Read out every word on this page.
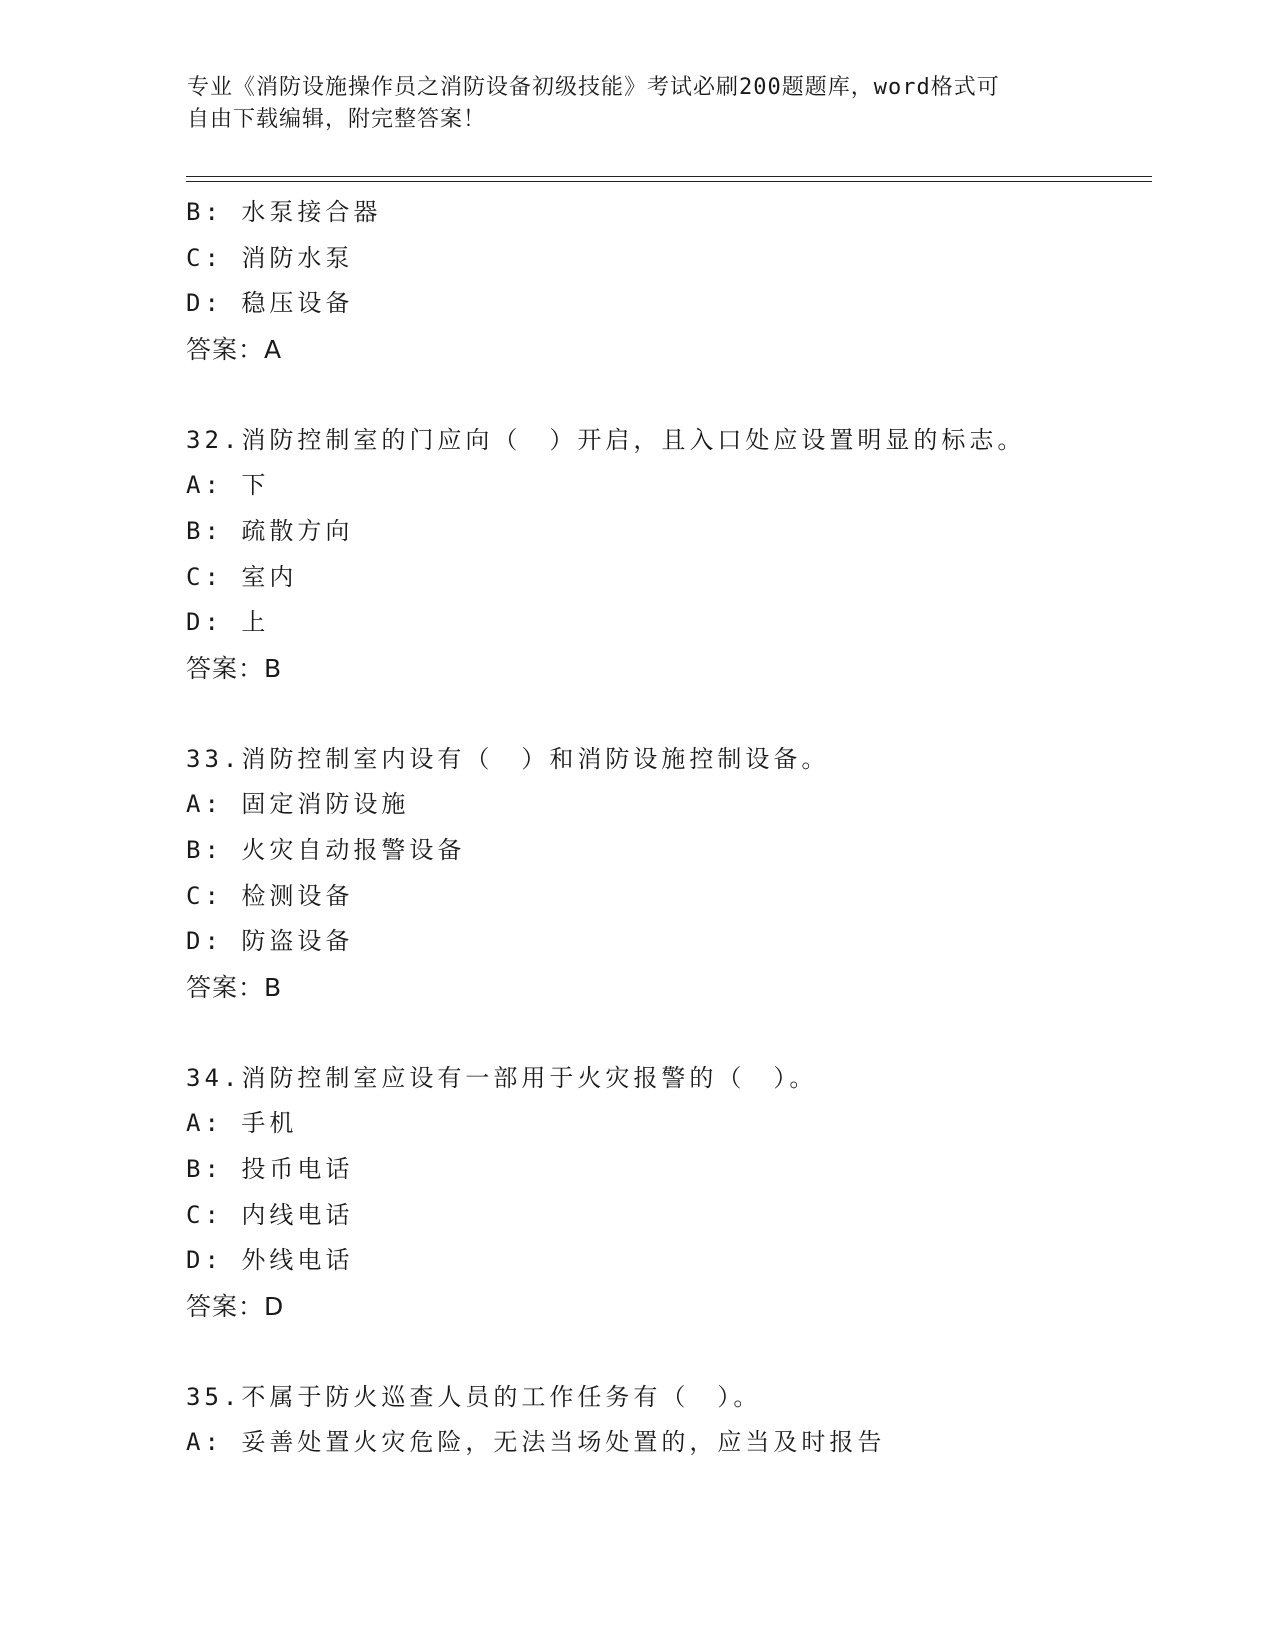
专业《消防设施操作员之消防设备初级技能》考试必刷200题题库，word格式可
自由下载编辑，附完整答案！
B: 水泵接合器
C: 消防水泵
D: 稳压设备
答案：A
32.消防控制室的门应向（　）开启，且入口处应设置明显的标志。
A: 下
B: 疏散方向
C: 室内
D: 上
答案：B
33.消防控制室内设有（　）和消防设施控制设备。
A: 固定消防设施
B: 火灾自动报警设备
C: 检测设备
D: 防盗设备
答案：B
34.消防控制室应设有一部用于火灾报警的（　）。
A: 手机
B: 投币电话
C: 内线电话
D: 外线电话
答案：D
35.不属于防火巡查人员的工作任务有（　）。
A: 妥善处置火灾危险，无法当场处置的，应当及时报告
